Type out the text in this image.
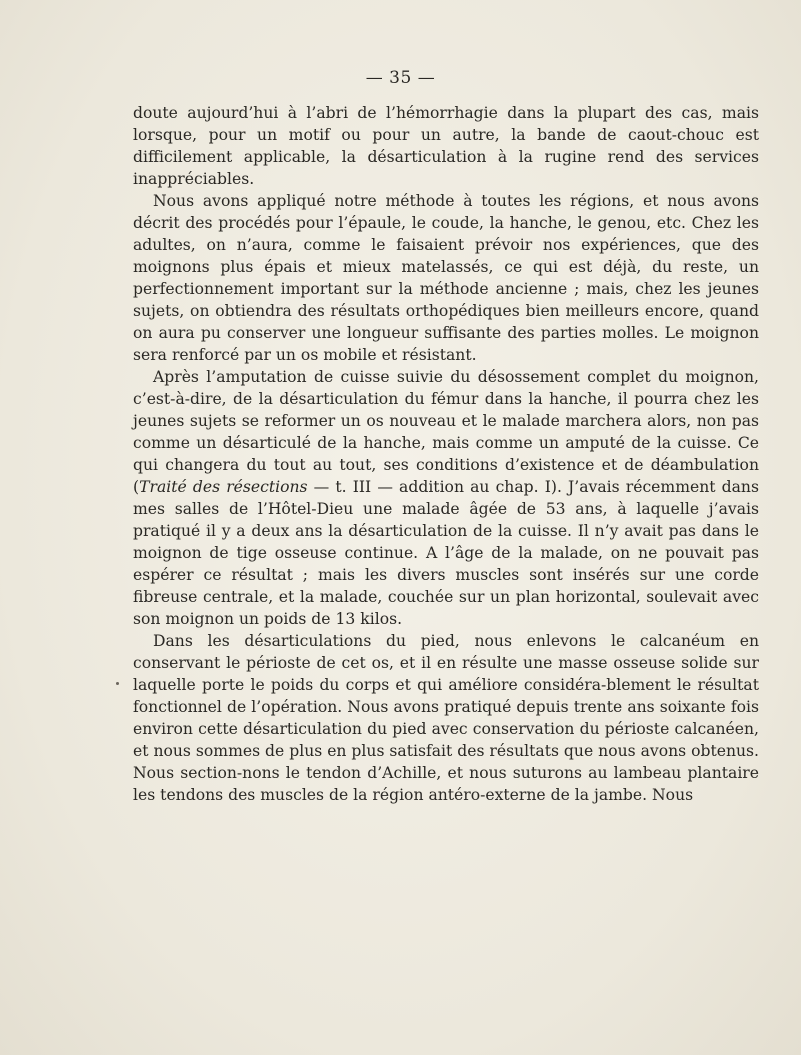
— 35 —

doute aujourd’hui à l’abri de l’hémorrhagie dans la plupart des cas, mais lorsque, pour un motif ou pour un autre, la bande de caout-chouc est difficilement applicable, la désarticulation à la rugine rend des services inappréciables.

Nous avons appliqué notre méthode à toutes les régions, et nous avons décrit des procédés pour l’épaule, le coude, la hanche, le genou, etc. Chez les adultes, on n’aura, comme le faisaient prévoir nos expériences, que des moignons plus épais et mieux matelassés, ce qui est déjà, du reste, un perfectionnement important sur la méthode ancienne ; mais, chez les jeunes sujets, on obtiendra des résultats orthopédiques bien meilleurs encore, quand on aura pu conserver une longueur suffisante des parties molles. Le moignon sera renforcé par un os mobile et résistant.

Après l’amputation de cuisse suivie du désossement complet du moignon, c’est-à-dire, de la désarticulation du fémur dans la hanche, il pourra chez les jeunes sujets se reformer un os nouveau et le malade marchera alors, non pas comme un désarticulé de la hanche, mais comme un amputé de la cuisse. Ce qui changera du tout au tout, ses conditions d’existence et de déambulation (Traité des résections — t. III — addition au chap. I). J’avais récemment dans mes salles de l’Hôtel-Dieu une malade âgée de 53 ans, à laquelle j’avais pratiqué il y a deux ans la désarticulation de la cuisse. Il n’y avait pas dans le moignon de tige osseuse continue. A l’âge de la malade, on ne pouvait pas espérer ce résultat ; mais les divers muscles sont insérés sur une corde fibreuse centrale, et la malade, couchée sur un plan horizontal, soulevait avec son moignon un poids de 13 kilos.

Dans les désarticulations du pied, nous enlevons le calcanéum en conservant le périoste de cet os, et il en résulte une masse osseuse solide sur laquelle porte le poids du corps et qui améliore considéra-blement le résultat fonctionnel de l’opération. Nous avons pratiqué depuis trente ans soixante fois environ cette désarticulation du pied avec conservation du périoste calcanéen, et nous sommes de plus en plus satisfait des résultats que nous avons obtenus. Nous section-nons le tendon d’Achille, et nous suturons au lambeau plantaire les tendons des muscles de la région antéro-externe de la jambe. Nous
